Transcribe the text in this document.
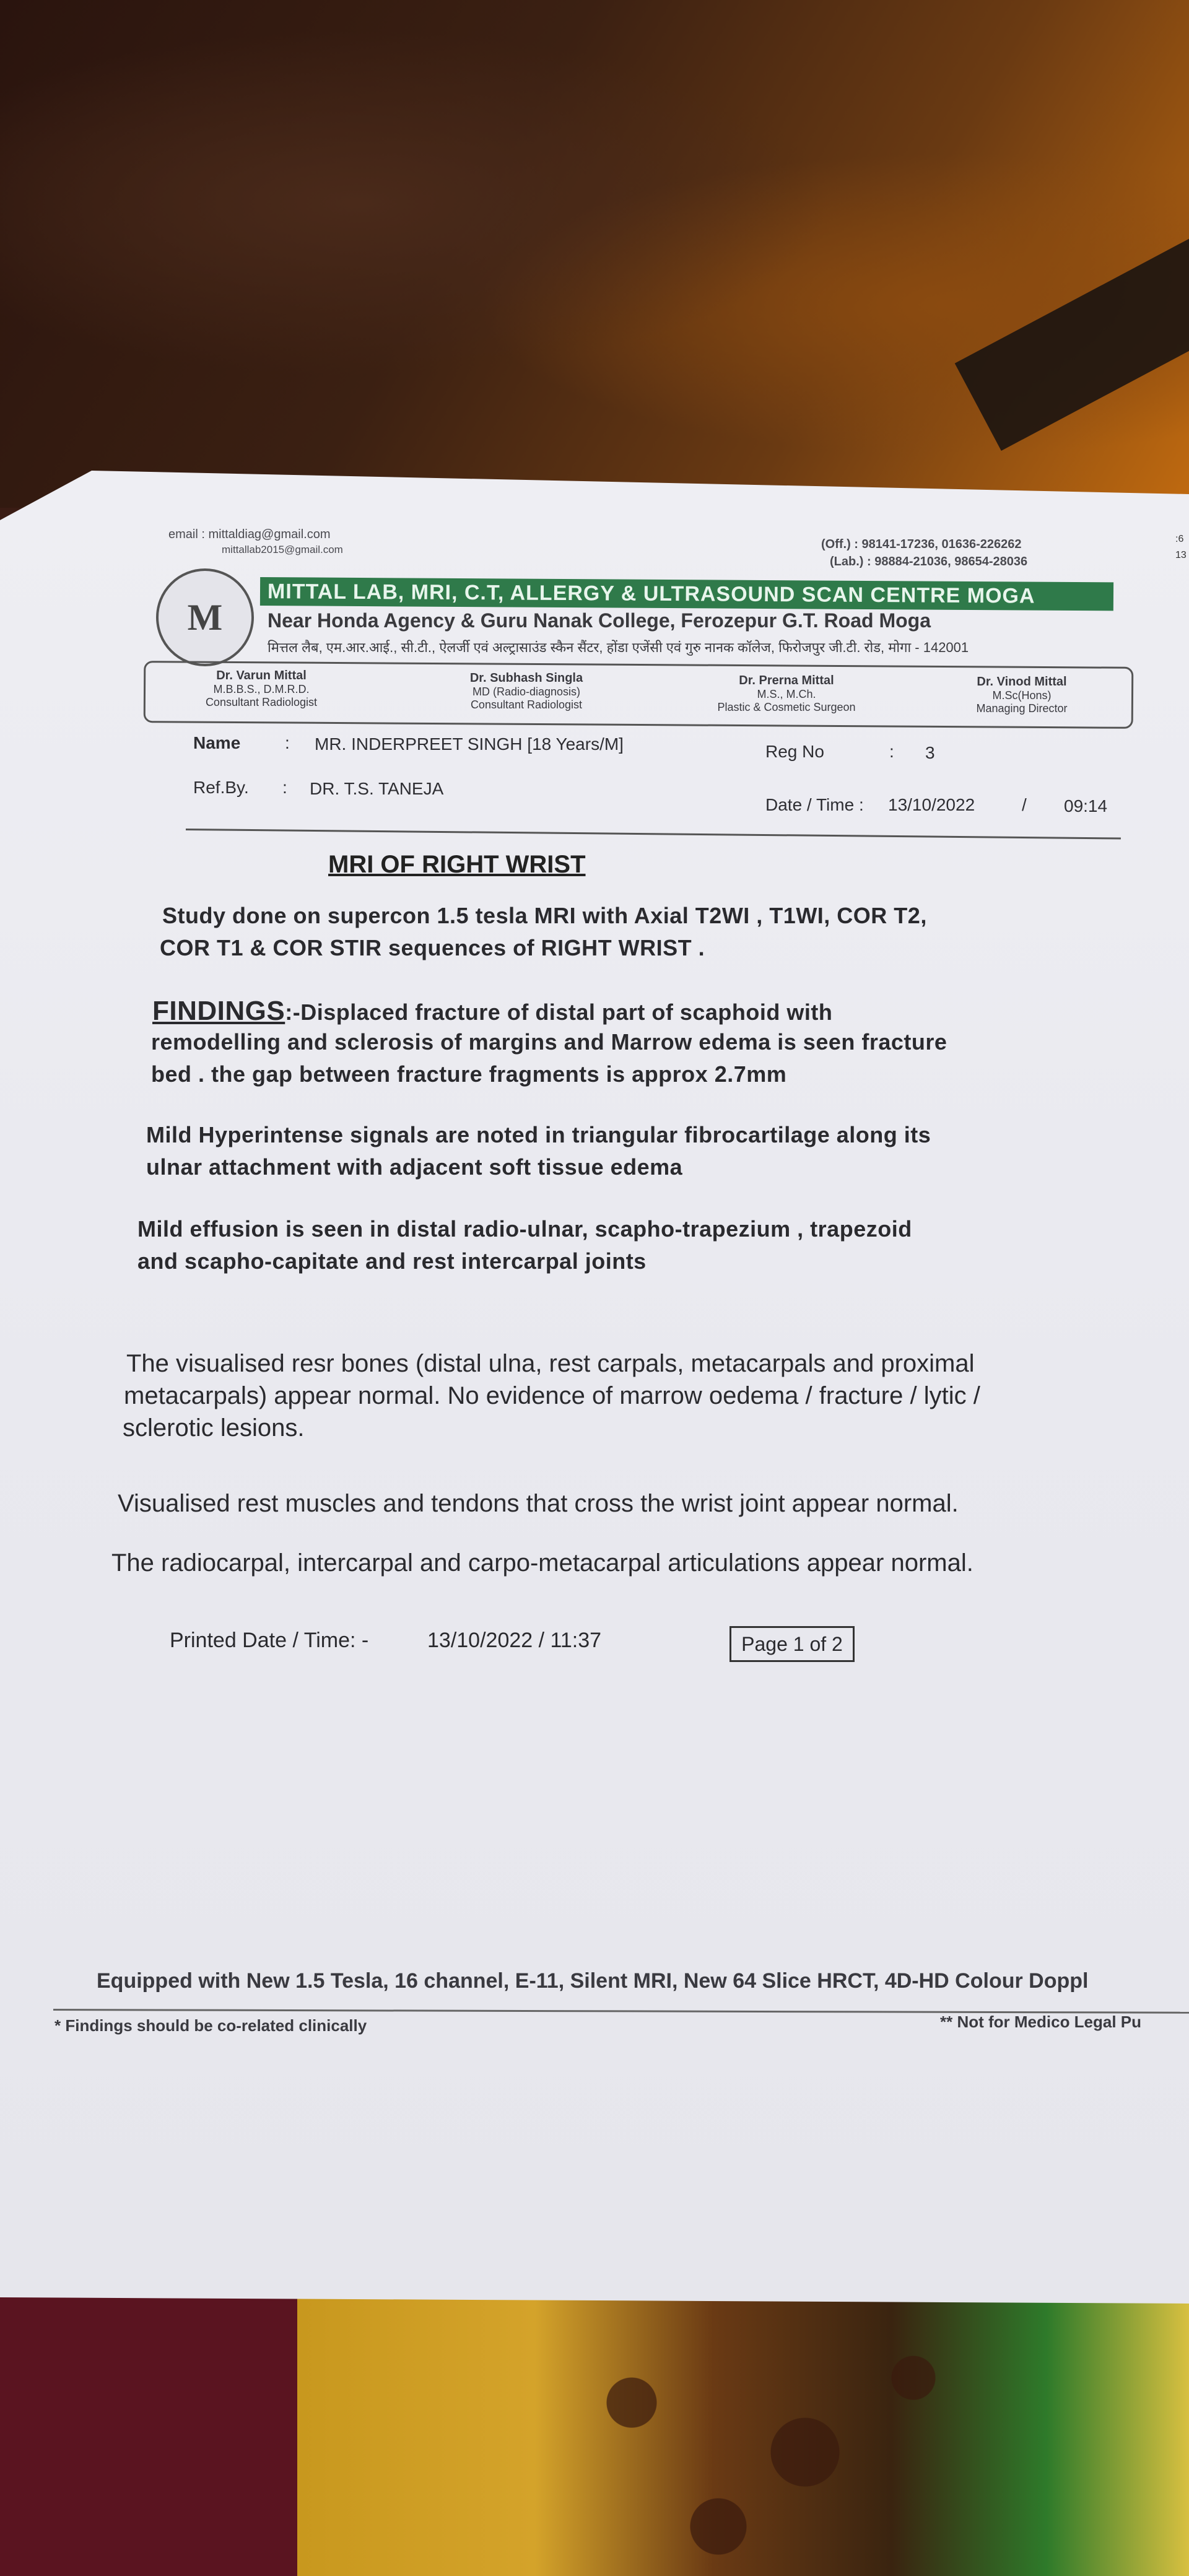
email : mittaldiag@gmail.com
mittallab2015@gmail.com	(Off.) : 98141-17236, 01636-226262
(Lab.) : 98884-21036, 98654-28036
M
MITTAL LAB, MRI, C.T, ALLERGY & ULTRASOUND SCAN CENTRE MOGA
Near Honda Agency & Guru Nanak College, Ferozepur G.T. Road Moga
मित्तल लैब, एम.आर.आई., सी.टी., ऐलर्जी एवं अल्ट्रासाउंड स्कैन सैंटर, होंडा एजेंसी एवं गुरु नानक कॉलेज, फिरोजपुर जी.टी. रोड, मोगा - 142001
Dr. Varun Mittal
M.B.B.S., D.M.R.D.
Consultant Radiologist
Dr. Subhash Singla
MD (Radio-diagnosis)
Consultant Radiologist
Dr. Prerna Mittal
M.S., M.Ch.
Plastic & Cosmetic Surgeon
Dr. Vinod Mittal
M.Sc(Hons)
Managing Director
Name	: MR. INDERPREET SINGH [18 Years/M]	Reg No	: 3
Ref.By. : DR. T.S. TANEJA
Date / Time : 13/10/2022	/ 09:14
MRI OF RIGHT WRIST
Study done on supercon 1.5 tesla MRI with Axial T2WI , T1WI, COR T2,
COR T1 & COR STIR sequences of RIGHT WRIST .
FINDINGS:-Displaced fracture of distal part of scaphoid with
remodelling and sclerosis of margins and Marrow edema is seen fracture
bed . the gap between fracture fragments is approx 2.7mm
Mild Hyperintense signals are noted in triangular fibrocartilage along its
ulnar attachment with adjacent soft tissue edema
Mild effusion is seen in distal radio-ulnar, scapho-trapezium , trapezoid
and scapho-capitate and rest intercarpal joints
The visualised resr bones (distal ulna, rest carpals, metacarpals and proximal
metacarpals) appear normal. No evidence of marrow oedema / fracture / lytic /
sclerotic lesions.
Visualised rest muscles and tendons that cross the wrist joint appear normal.
The radiocarpal, intercarpal and carpo-metacarpal articulations appear normal.
Printed Date / Time: -	13/10/2022 / 11:37	Page 1 of 2
Equipped with New 1.5 Tesla, 16 channel, E-11, Silent MRI, New 64 Slice HRCT, 4D-HD Colour Doppl
* Findings should be co-related clinically	** Not for Medico Legal Pu
:6
13
